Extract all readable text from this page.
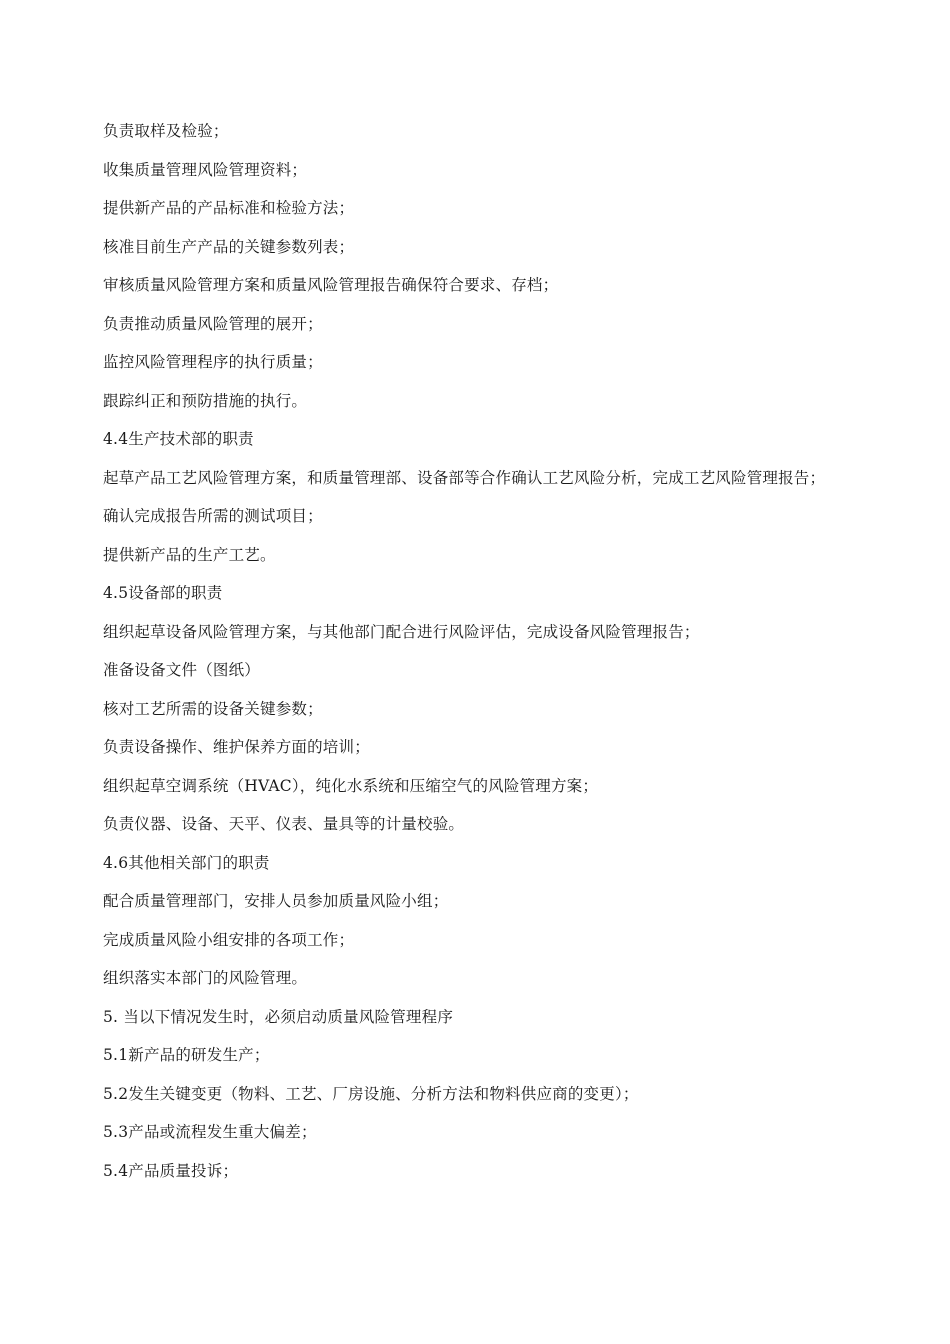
负责取样及检验；
收集质量管理风险管理资料；
提供新产品的产品标准和检验方法；
核准目前生产产品的关键参数列表；
审核质量风险管理方案和质量风险管理报告确保符合要求、存档；
负责推动质量风险管理的展开；
监控风险管理程序的执行质量；
跟踪纠正和预防措施的执行。
4.4生产技术部的职责
起草产品工艺风险管理方案，和质量管理部、设备部等合作确认工艺风险分析，完成工艺风险管理报告；
确认完成报告所需的测试项目；
提供新产品的生产工艺。
4.5设备部的职责
组织起草设备风险管理方案，与其他部门配合进行风险评估，完成设备风险管理报告；
准备设备文件（图纸）
核对工艺所需的设备关键参数；
负责设备操作、维护保养方面的培训；
组织起草空调系统（HVAC），纯化水系统和压缩空气的风险管理方案；
负责仪器、设备、天平、仪表、量具等的计量校验。
4.6其他相关部门的职责
配合质量管理部门，安排人员参加质量风险小组；
完成质量风险小组安排的各项工作；
组织落实本部门的风险管理。
5. 当以下情况发生时，必须启动质量风险管理程序
5.1新产品的研发生产；
5.2发生关键变更（物料、工艺、厂房设施、分析方法和物料供应商的变更）；
5.3产品或流程发生重大偏差；
5.4产品质量投诉；
